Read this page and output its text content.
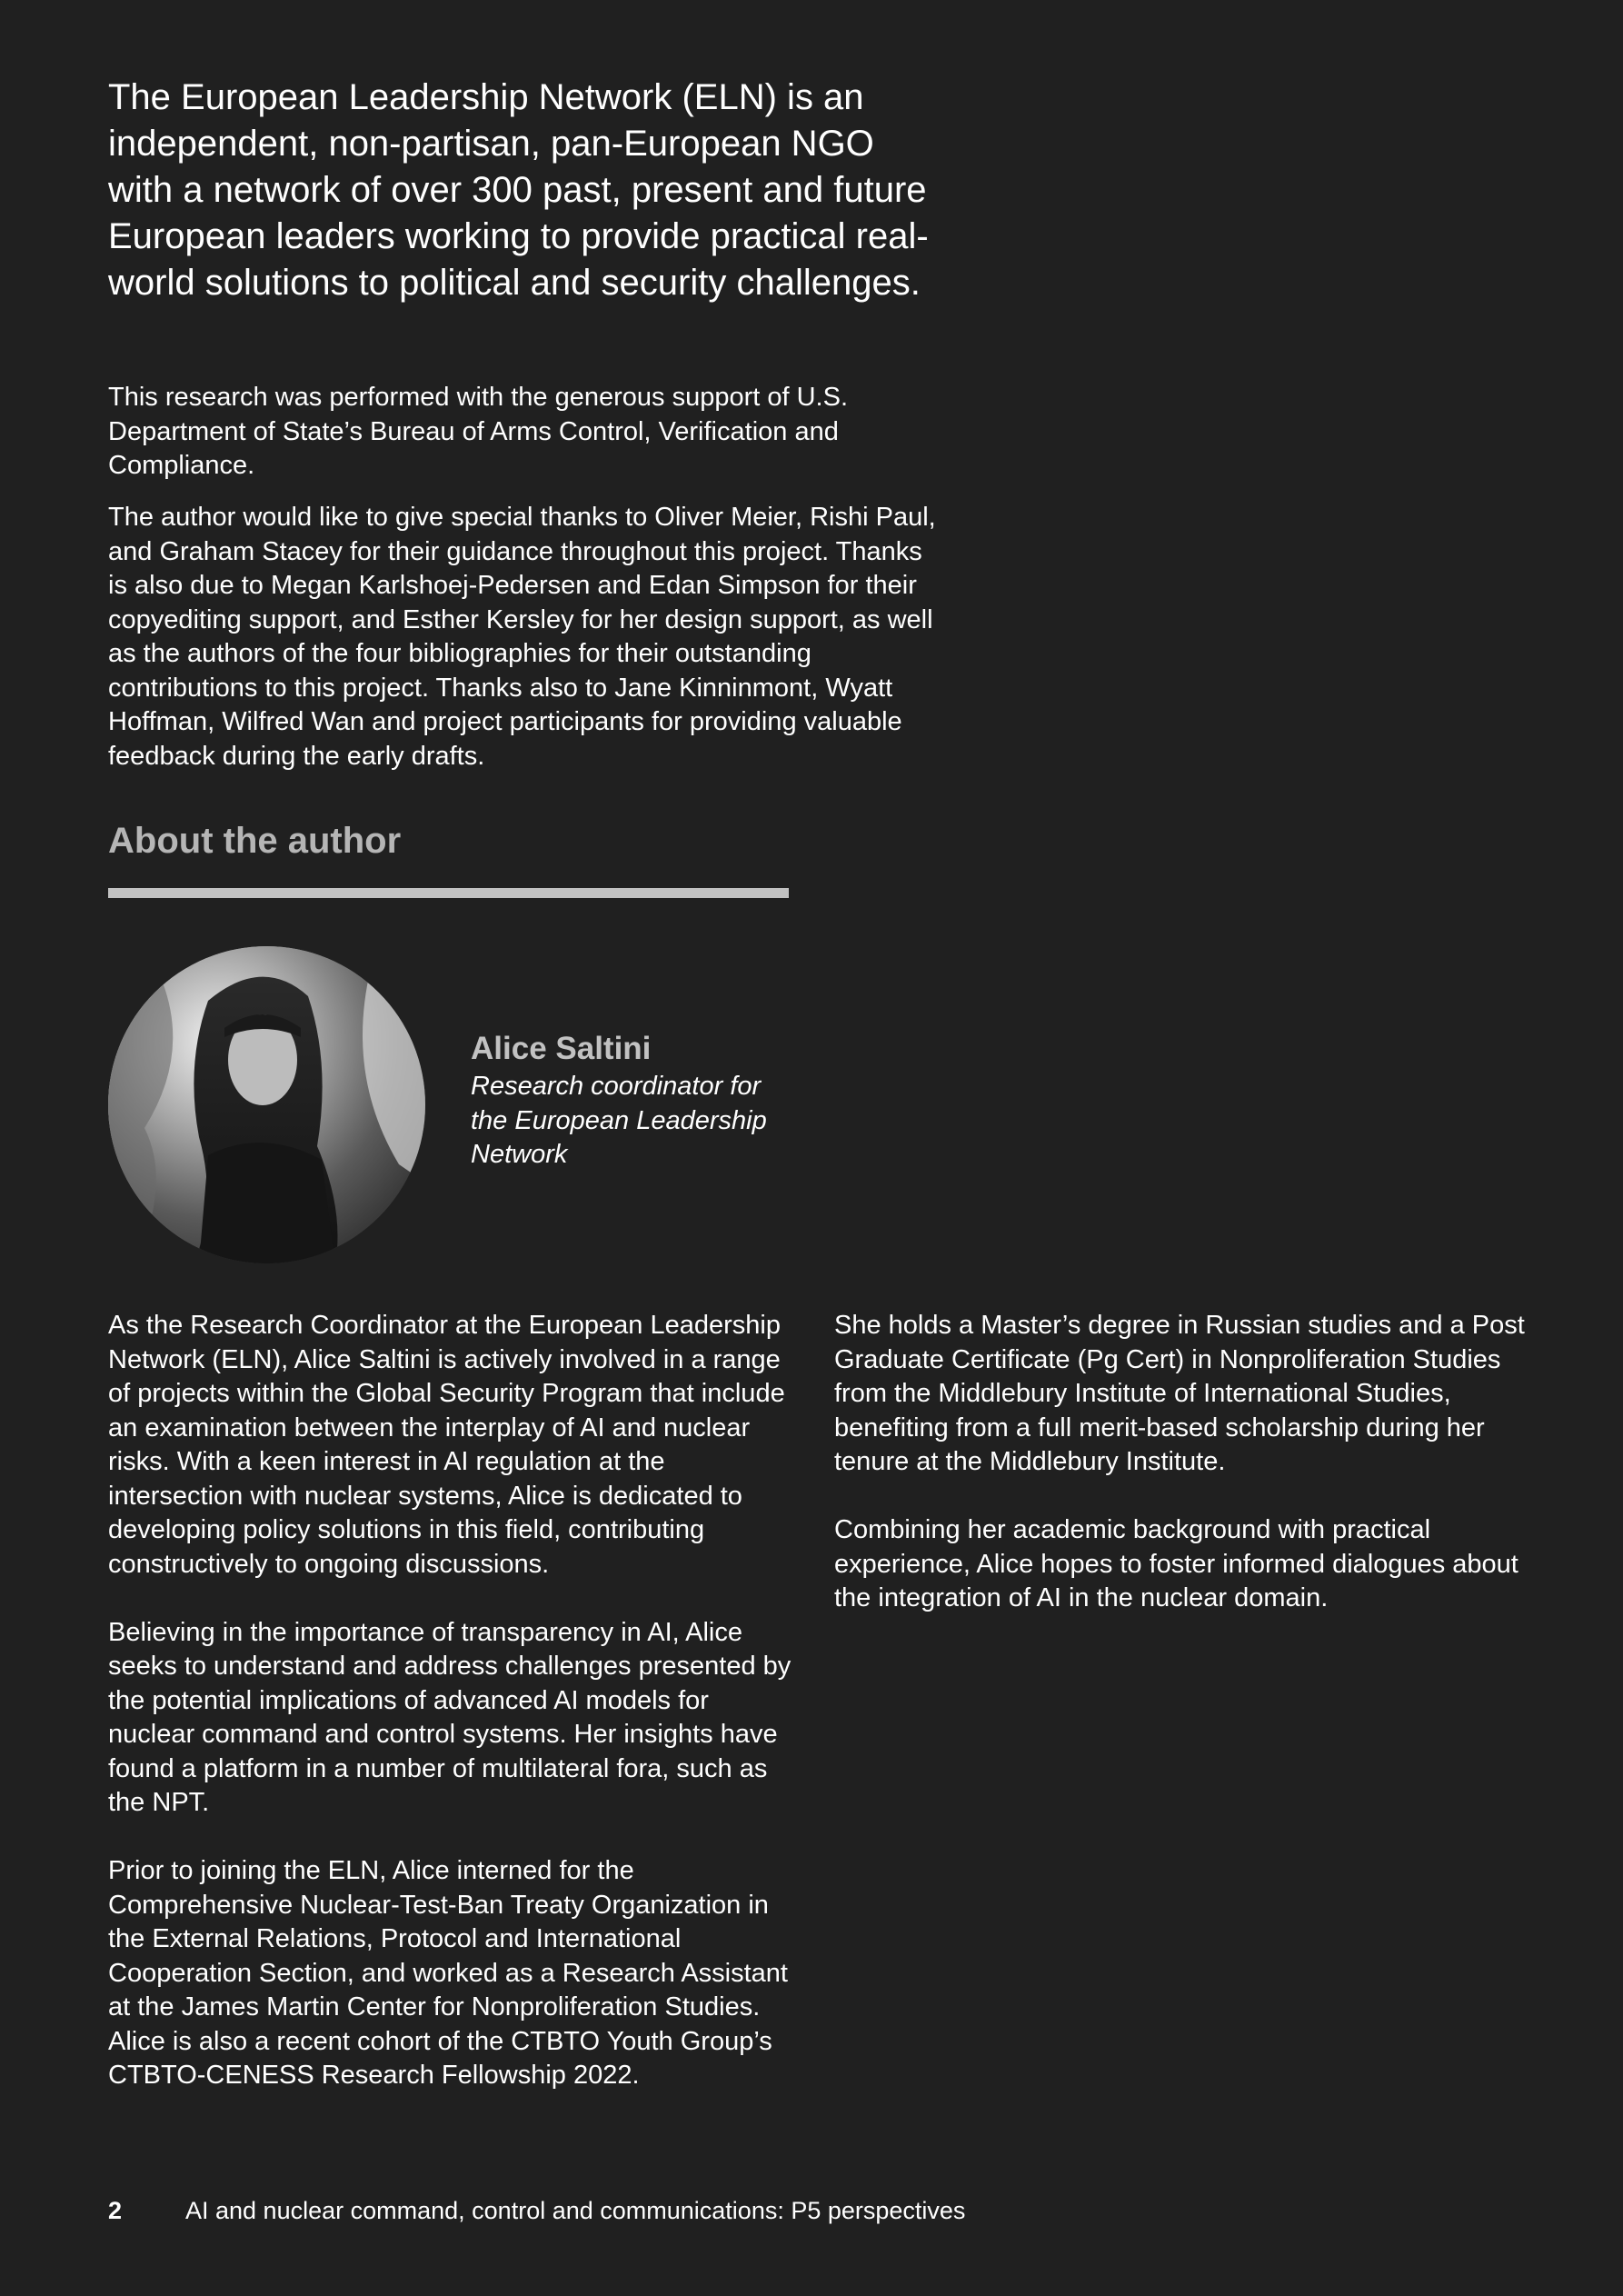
The European Leadership Network (ELN) is an independent, non-partisan, pan-European NGO with a network of over 300 past, present and future European leaders working to provide practical real-world solutions to political and security challenges.

This research was performed with the generous support of U.S. Department of State’s Bureau of Arms Control, Verification and Compliance.

The author would like to give special thanks to Oliver Meier, Rishi Paul, and Graham Stacey for their guidance throughout this project. Thanks is also due to Megan Karlshoej-Pedersen and Edan Simpson for their copyediting support, and Esther Kersley for her design support, as well as the authors of the four bibliographies for their outstanding contributions to this project. Thanks also to Jane Kinninmont, Wyatt Hoffman, Wilfred Wan and project participants for providing valuable feedback during the early drafts.

About the author

Alice Saltini

Research coordinator for the European Leadership Network

As the Research Coordinator at the European Leadership Network (ELN), Alice Saltini is actively involved in a range of projects within the Global Security Program that include an examination between the interplay of AI and nuclear risks. With a keen interest in AI regulation at the intersection with nuclear systems, Alice is dedicated to developing policy solutions in this field, contributing constructively to ongoing discussions.

Believing in the importance of transparency in AI, Alice seeks to understand and address challenges presented by the potential implications of advanced AI models for nuclear command and control systems. Her insights have found a platform in a number of multilateral fora, such as the NPT.

Prior to joining the ELN, Alice interned for the Comprehensive Nuclear-Test-Ban Treaty Organization in the External Relations, Protocol and International Cooperation Section, and worked as a Research Assistant at the James Martin Center for Nonproliferation Studies. Alice is also a recent cohort of the CTBTO Youth Group’s CTBTO-CENESS Research Fellowship 2022.

She holds a Master’s degree in Russian studies and a Post Graduate Certificate (Pg Cert) in Nonproliferation Studies from the Middlebury Institute of International Studies, benefiting from a full merit-based scholarship during her tenure at the Middlebury Institute.

Combining her academic background with practical experience, Alice hopes to foster informed dialogues about the integration of AI in the nuclear domain.

2	AI and nuclear command, control and communications: P5 perspectives
